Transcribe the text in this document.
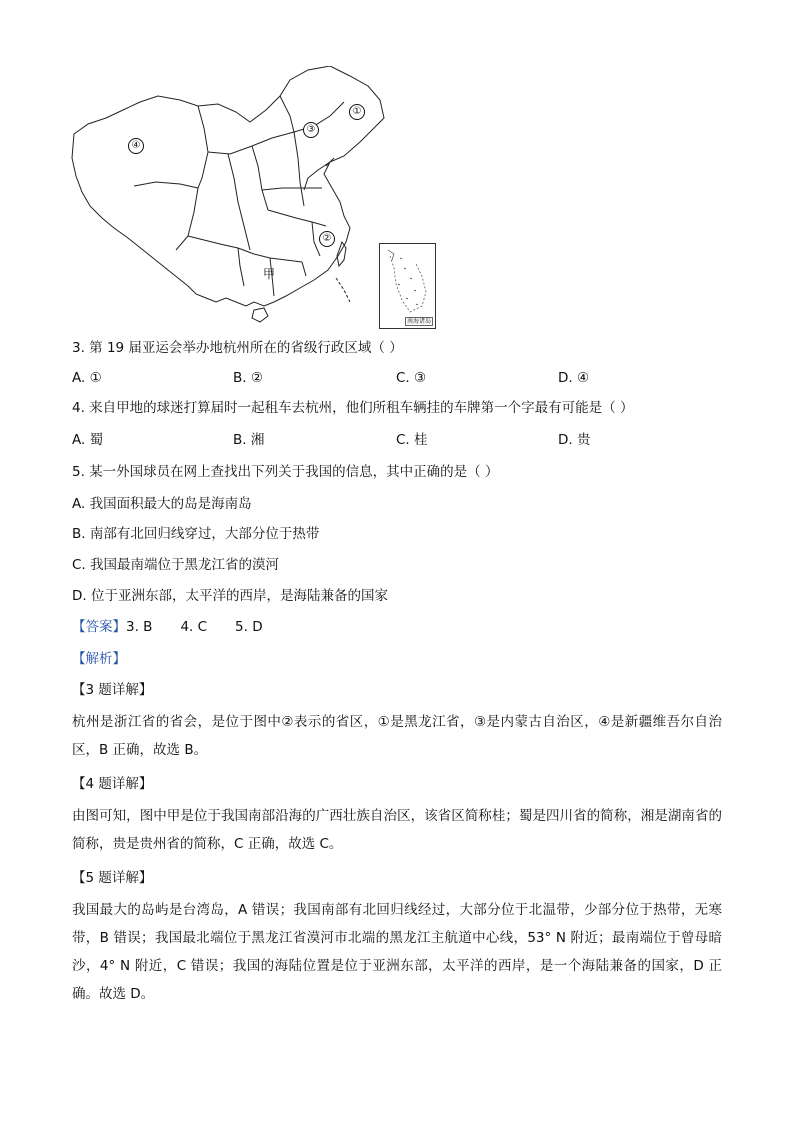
①
③
④
②
甲
南海诸岛
3. 第 19 届亚运会举办地杭州所在的省级行政区域（ ）
A. ①	B. ②	C. ③	D. ④
4. 来自甲地的球迷打算届时一起租车去杭州，他们所租车辆挂的车牌第一个字最有可能是（ ）
A. 蜀	B. 湘	C. 桂	D. 贵
5. 某一外国球员在网上查找出下列关于我国的信息，其中正确的是（ ）
A. 我国面积最大的岛是海南岛
B. 南部有北回归线穿过，大部分位于热带
C. 我国最南端位于黑龙江省的漠河
D. 位于亚洲东部，太平洋的西岸，是海陆兼备的国家
【答案】3. B 4. C 5. D
【解析】
【3 题详解】
杭州是浙江省的省会，是位于图中②表示的省区，①是黑龙江省，③是内蒙古自治区，④是新疆维吾尔自治区，B 正确，故选 B。
【4 题详解】
由图可知，图中甲是位于我国南部沿海的广西壮族自治区，该省区简称桂；蜀是四川省的简称，湘是湖南省的简称，贵是贵州省的简称，C 正确，故选 C。
【5 题详解】
我国最大的岛屿是台湾岛，A 错误；我国南部有北回归线经过，大部分位于北温带，少部分位于热带，无寒带，B 错误；我国最北端位于黑龙江省漠河市北端的黑龙江主航道中心线，53° N 附近；最南端位于曾母暗沙，4° N 附近，C 错误；我国的海陆位置是位于亚洲东部，太平洋的西岸，是一个海陆兼备的国家，D 正确。故选 D。
